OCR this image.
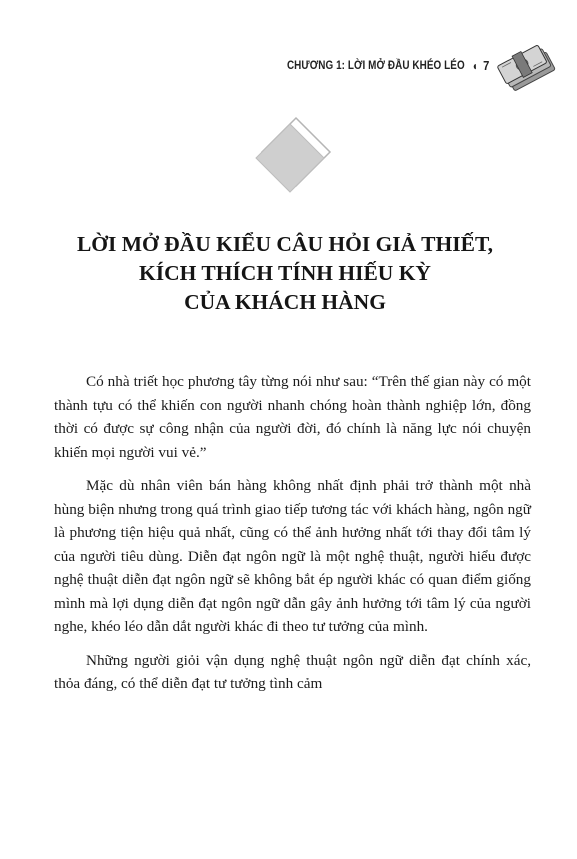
CHƯƠNG 1: LỜI MỞ ĐẦU KHÉO LÉO ◖ 7
LỜI MỞ ĐẦU KIỂU CÂU HỎI GIẢ THIẾT,
KÍCH THÍCH TÍNH HIẾU KỲ
CỦA KHÁCH HÀNG

Có nhà triết học phương tây từng nói như sau: “Trên thế gian này có một thành tựu có thể khiến con người nhanh chóng hoàn thành nghiệp lớn, đồng thời có được sự công nhận của người đời, đó chính là năng lực nói chuyện khiến mọi người vui vẻ.”

Mặc dù nhân viên bán hàng không nhất định phải trở thành một nhà hùng biện nhưng trong quá trình giao tiếp tương tác với khách hàng, ngôn ngữ là phương tiện hiệu quả nhất, cũng có thể ảnh hưởng nhất tới thay đổi tâm lý của người tiêu dùng. Diễn đạt ngôn ngữ là một nghệ thuật, người hiểu được nghệ thuật diễn đạt ngôn ngữ sẽ không bắt ép người khác có quan điểm giống mình mà lợi dụng diễn đạt ngôn ngữ dẫn gây ảnh hưởng tới tâm lý của người nghe, khéo léo dẫn dắt người khác đi theo tư tưởng của mình.

Những người giỏi vận dụng nghệ thuật ngôn ngữ diễn đạt chính xác, thỏa đáng, có thể diễn đạt tư tưởng tình cảm
